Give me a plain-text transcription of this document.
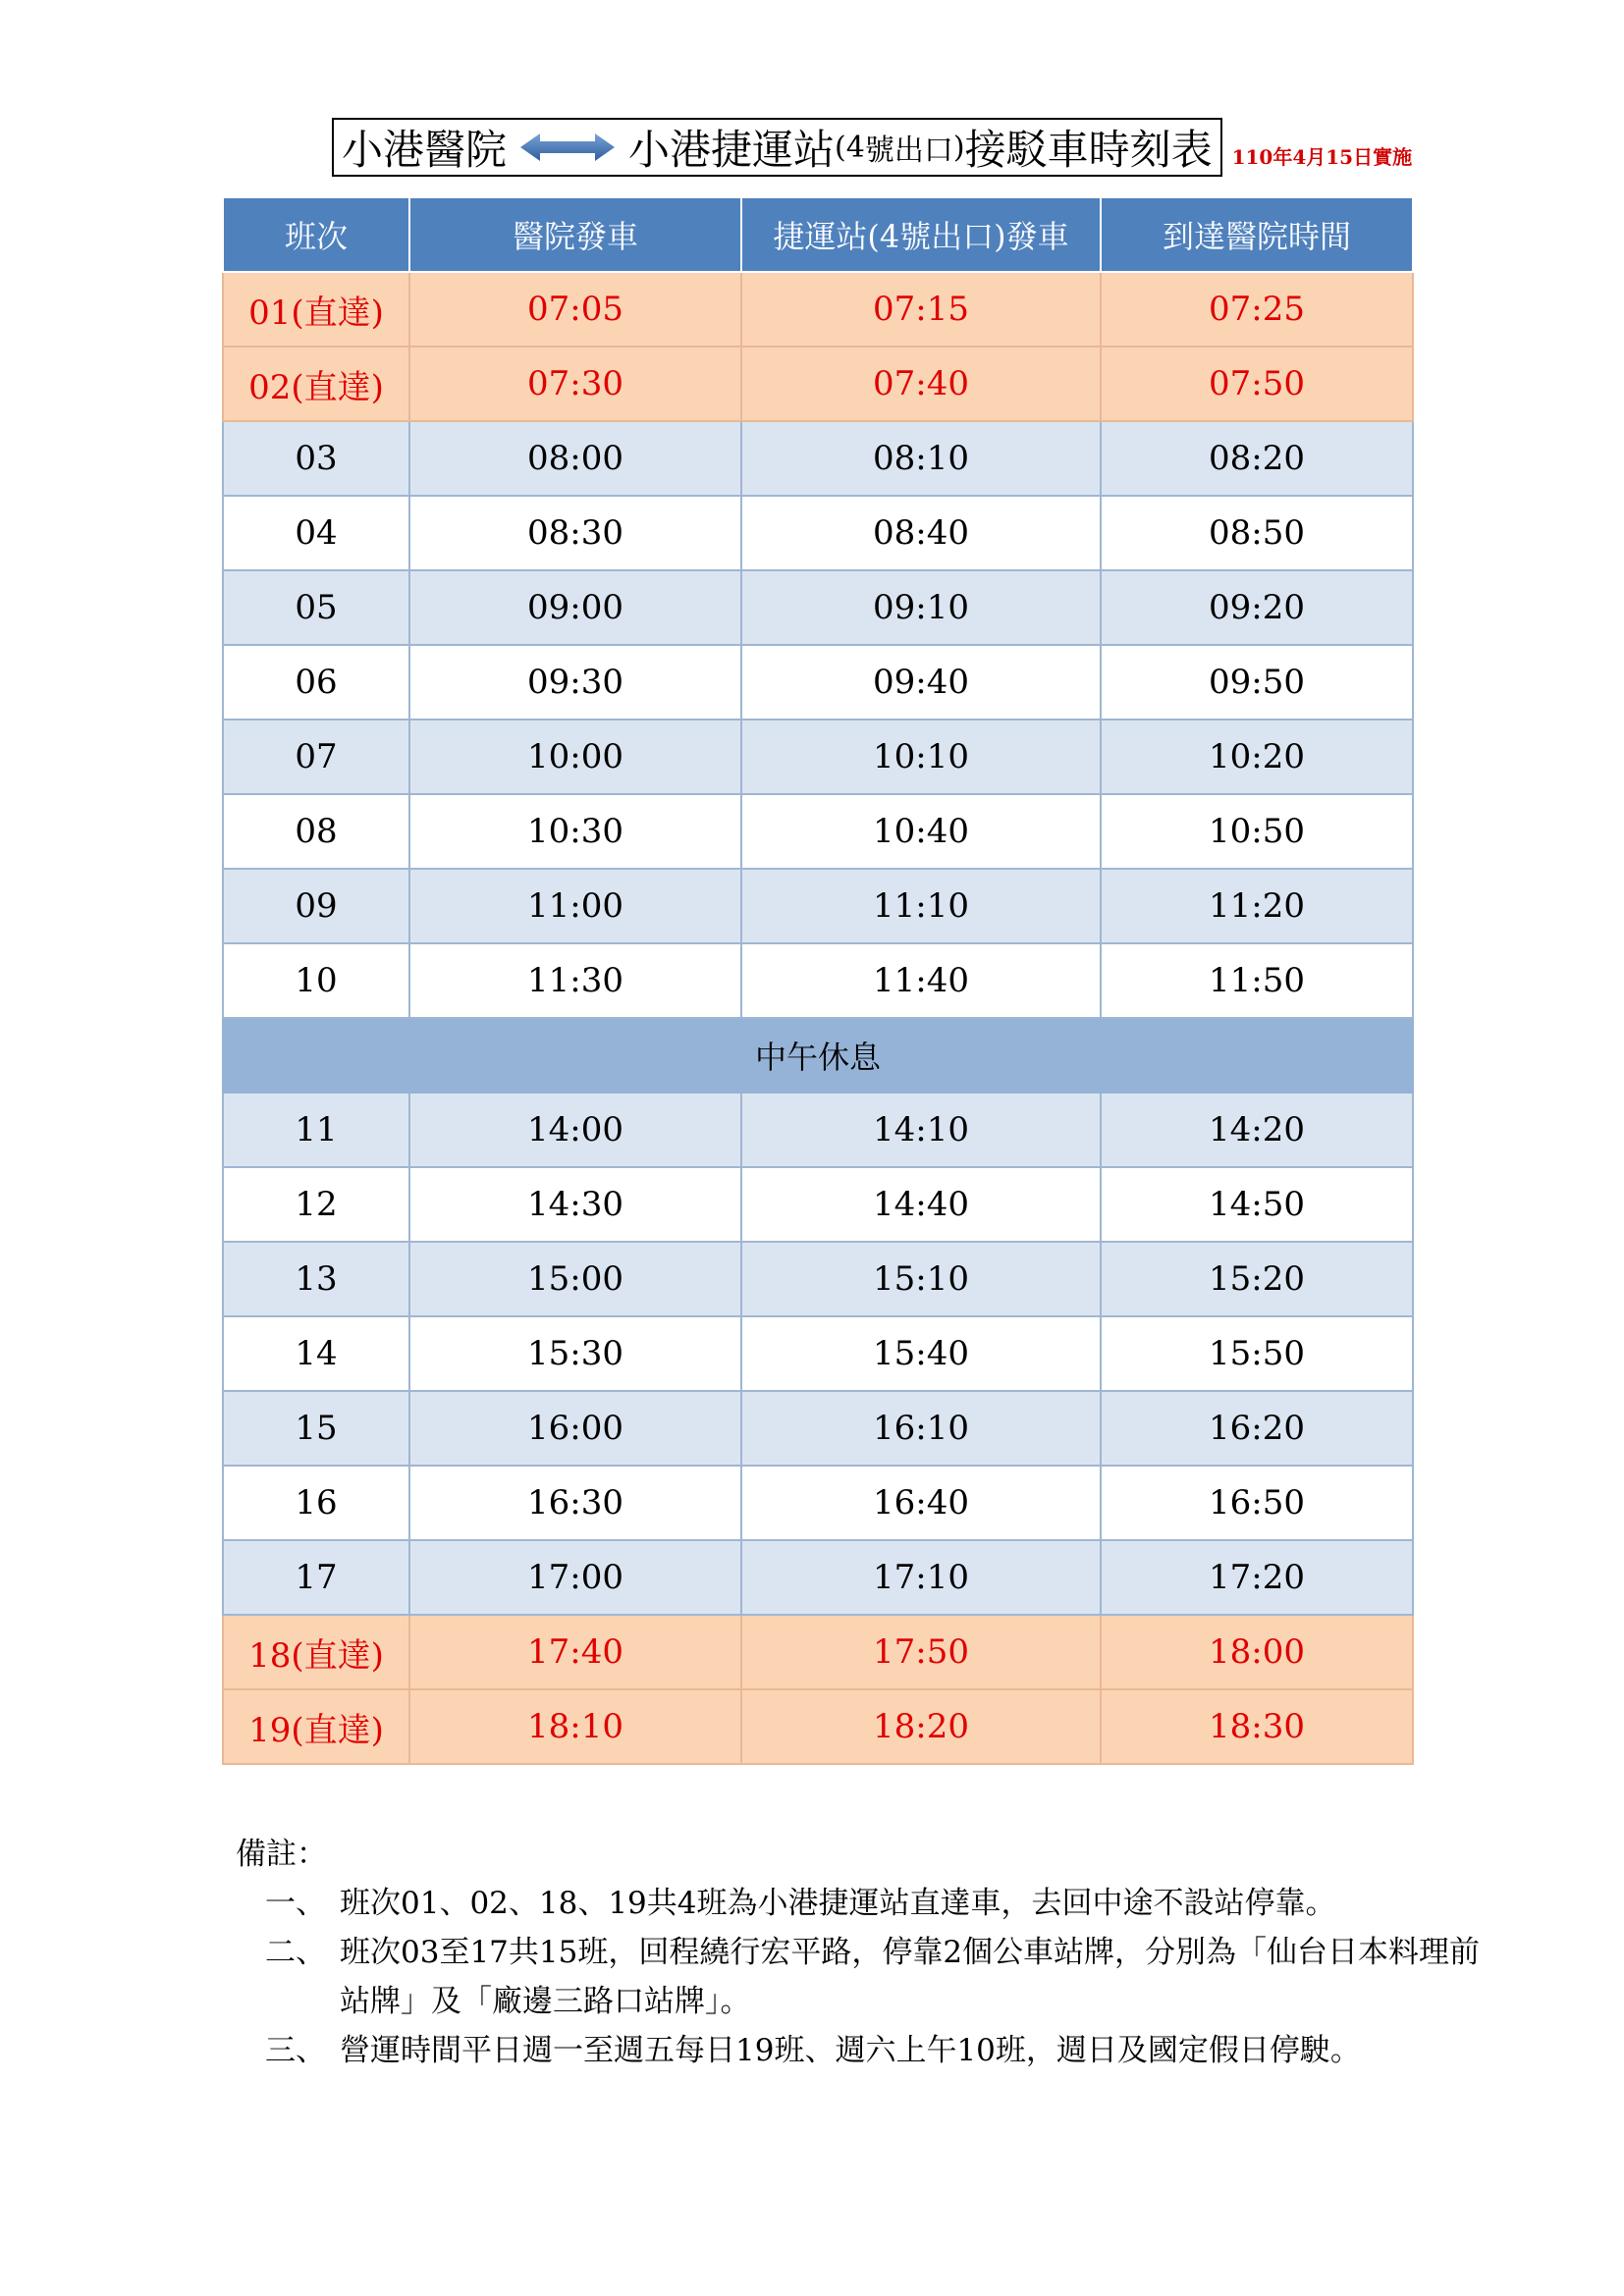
小港醫院	小港捷運站 ( 4 號出口 ) 接駁車時刻表 110年4月15日實施
班次	醫院發車	捷運站(4號出口)發車	到達醫院時間
01(直達)	07:05	07:15	07:25
02(直達)	07:30	07:40	07:50
03	08:00	08:10	08:20
04	08:30	08:40	08:50
05	09:00	09:10	09:20
06	09:30	09:40	09:50
07	10:00	10:10	10:20
08	10:30	10:40	10:50
09	11:00	11:10	11:20
10	11:30	11:40	11:50
中午休息			
11	14:00	14:10	14:20
12	14:30	14:40	14:50
13	15:00	15:10	15:20
14	15:30	15:40	15:50
15	16:00	16:10	16:20
16	16:30	16:40	16:50
17	17:00	17:10	17:20
18(直達)	17:40	17:50	18:00
19(直達)	18:10	18:20	18:30
備註：
一、 班次01、02、18、19共4班為小港捷運站直達車，去回中途不設站停靠。
二、 班次03至17共15班，回程繞行宏平路，停靠2個公車站牌，分別為「仙台日本料理前站牌」及「廠邊三路口站牌」。
三、 營運時間平日週一至週五每日19班、週六上午10班，週日及國定假日停駛。
